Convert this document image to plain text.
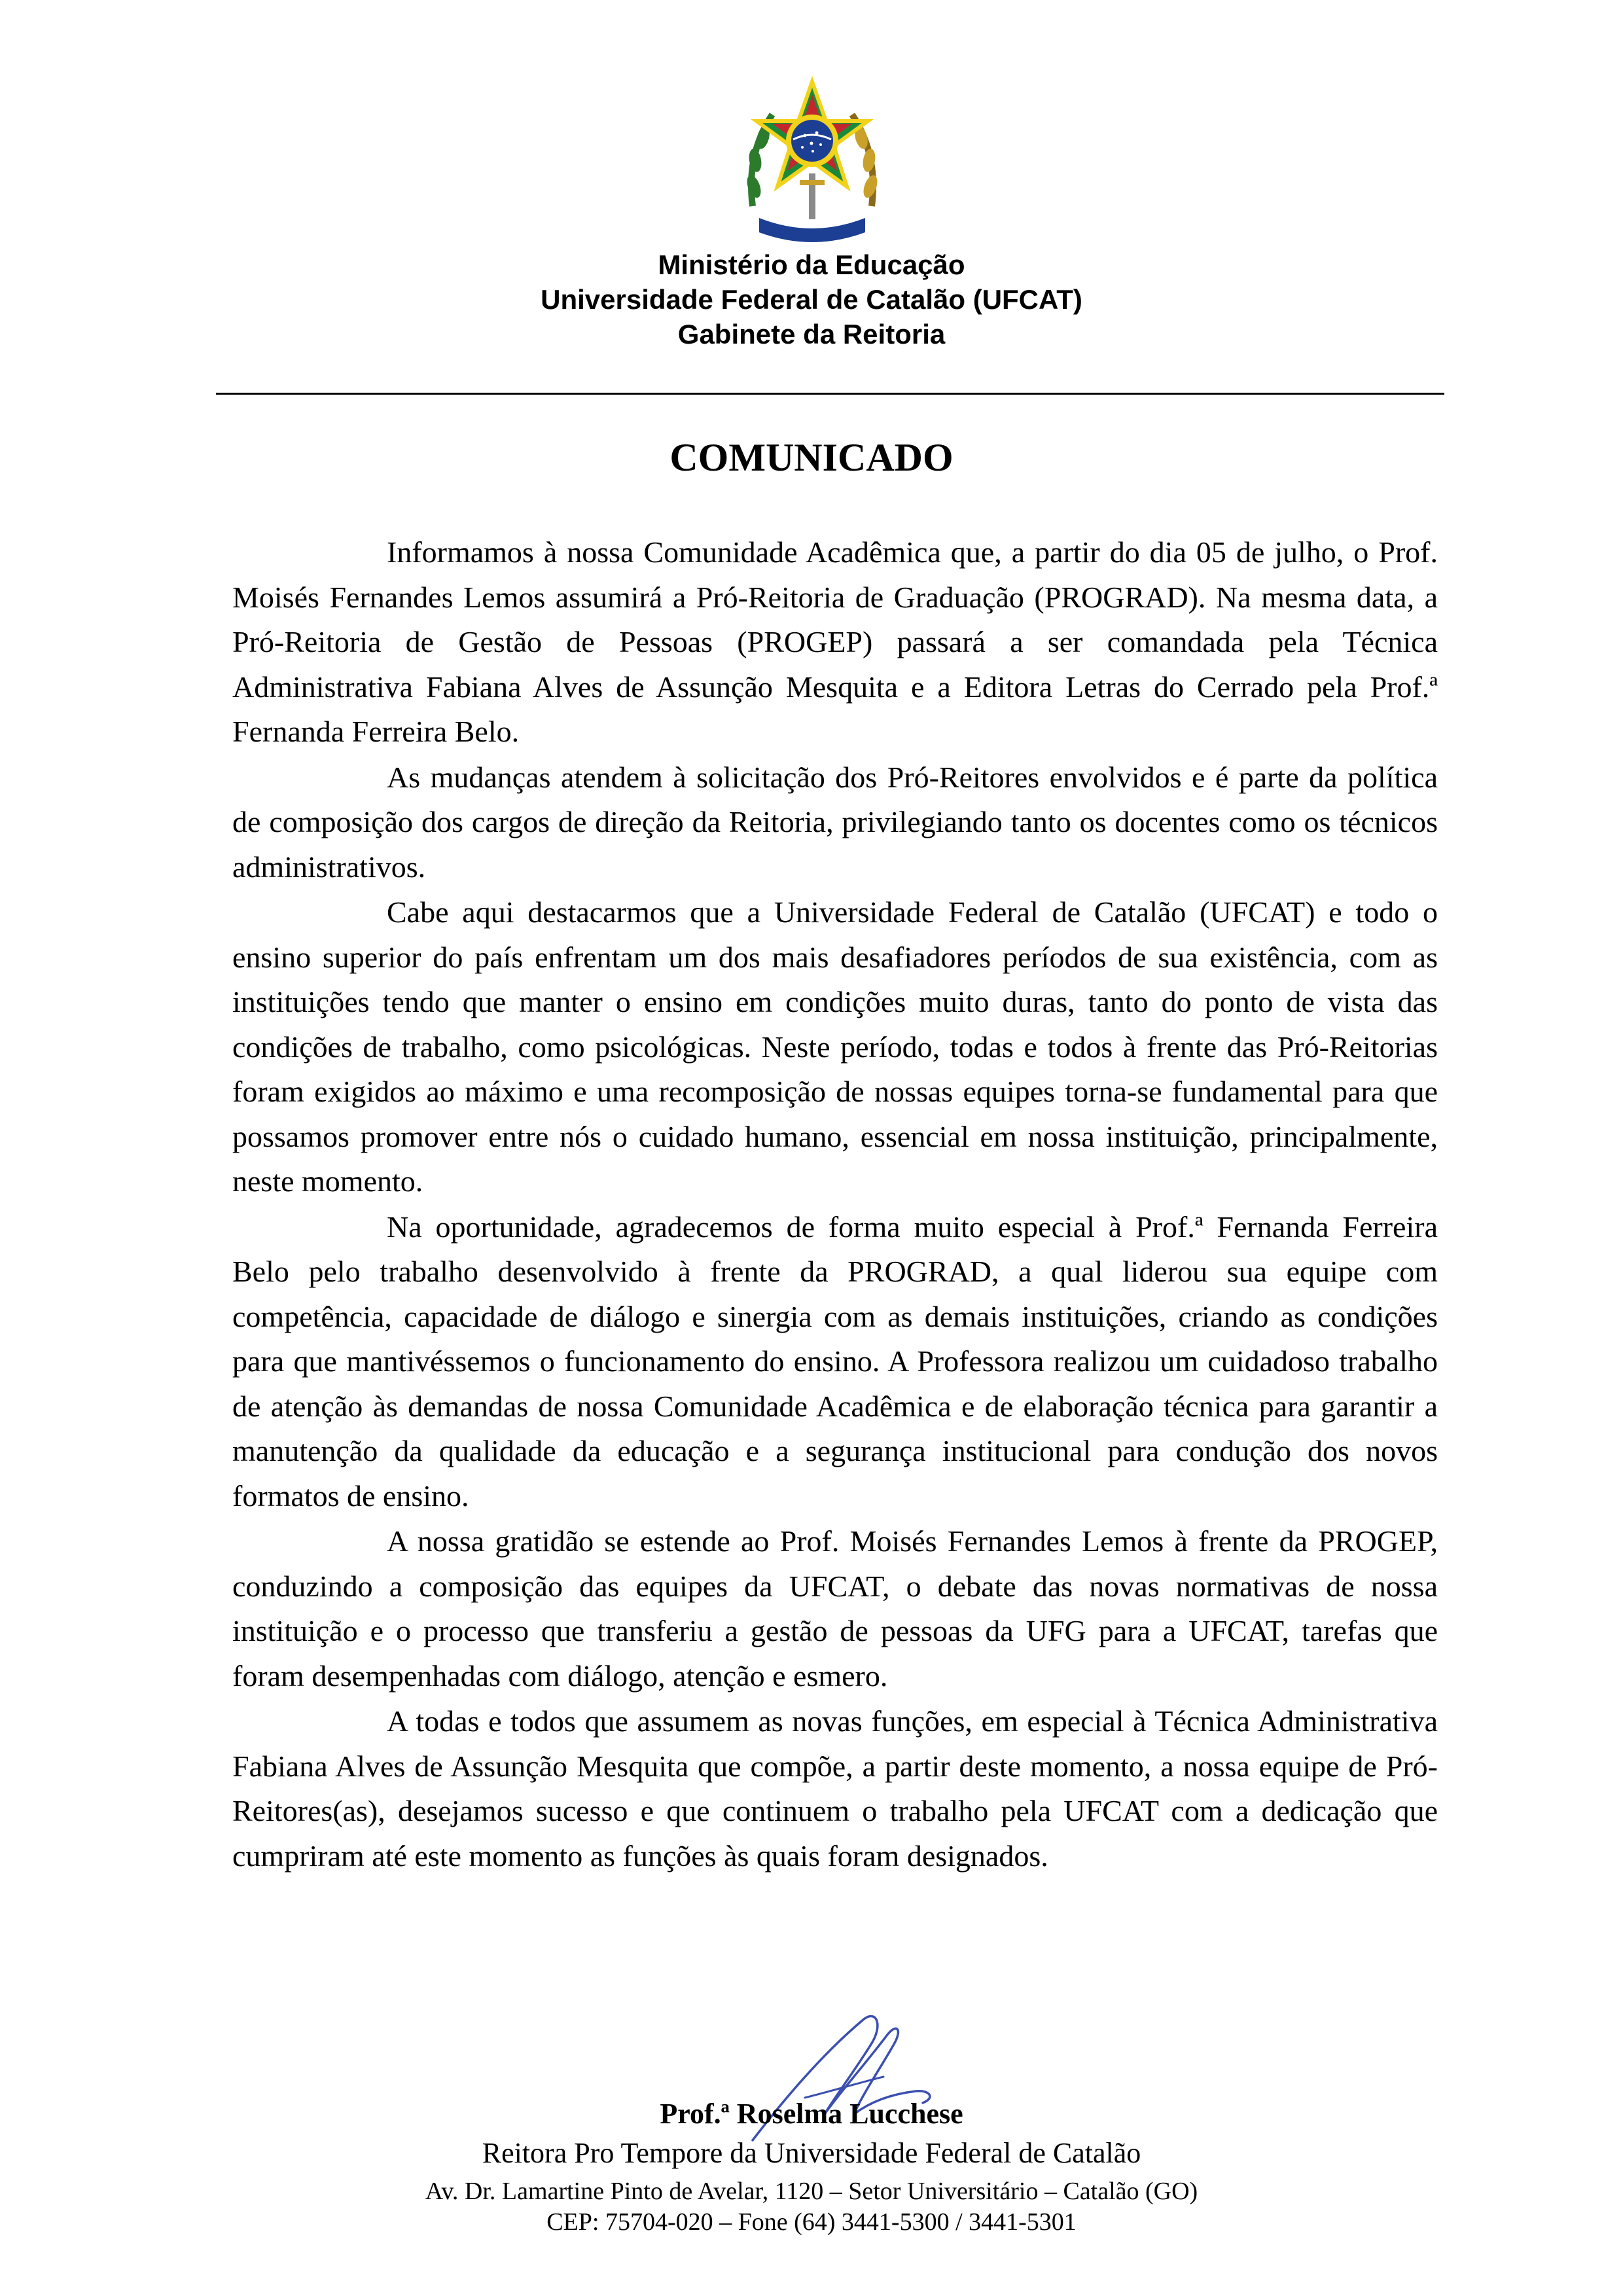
Ministério da Educação
Universidade Federal de Catalão (UFCAT)
Gabinete da Reitoria
COMUNICADO

Informamos à nossa Comunidade Acadêmica que, a partir do dia 05 de julho, o Prof. Moisés Fernandes Lemos assumirá a Pró-Reitoria de Graduação (PROGRAD). Na mesma data, a Pró-Reitoria de Gestão de Pessoas (PROGEP) passará a ser comandada pela Técnica Administrativa Fabiana Alves de Assunção Mesquita e a Editora Letras do Cerrado pela Prof.ª Fernanda Ferreira Belo.

As mudanças atendem à solicitação dos Pró-Reitores envolvidos e é parte da política de composição dos cargos de direção da Reitoria, privilegiando tanto os docentes como os técnicos administrativos.

Cabe aqui destacarmos que a Universidade Federal de Catalão (UFCAT) e todo o ensino superior do país enfrentam um dos mais desafiadores períodos de sua existência, com as instituições tendo que manter o ensino em condições muito duras, tanto do ponto de vista das condições de trabalho, como psicológicas. Neste período, todas e todos à frente das Pró-Reitorias foram exigidos ao máximo e uma recomposição de nossas equipes torna-se fundamental para que possamos promover entre nós o cuidado humano, essencial em nossa instituição, principalmente, neste momento.

Na oportunidade, agradecemos de forma muito especial à Prof.ª Fernanda Ferreira Belo pelo trabalho desenvolvido à frente da PROGRAD, a qual liderou sua equipe com competência, capacidade de diálogo e sinergia com as demais instituições, criando as condições para que mantivéssemos o funcionamento do ensino. A Professora realizou um cuidadoso trabalho de atenção às demandas de nossa Comunidade Acadêmica e de elaboração técnica para garantir a manutenção da qualidade da educação e a segurança institucional para condução dos novos formatos de ensino.

A nossa gratidão se estende ao Prof. Moisés Fernandes Lemos à frente da PROGEP, conduzindo a composição das equipes da UFCAT, o debate das novas normativas de nossa instituição e o processo que transferiu a gestão de pessoas da UFG para a UFCAT, tarefas que foram desempenhadas com diálogo, atenção e esmero.

A todas e todos que assumem as novas funções, em especial à Técnica Administrativa Fabiana Alves de Assunção Mesquita que compõe, a partir deste momento, a nossa equipe de Pró-Reitores(as), desejamos sucesso e que continuem o trabalho pela UFCAT com a dedicação que cumpriram até este momento as funções às quais foram designados.

Prof.ª Roselma Lucchese
Reitora Pro Tempore da Universidade Federal de Catalão
Av. Dr. Lamartine Pinto de Avelar, 1120 – Setor Universitário – Catalão (GO)
CEP: 75704-020 – Fone (64) 3441-5300 / 3441-5301
